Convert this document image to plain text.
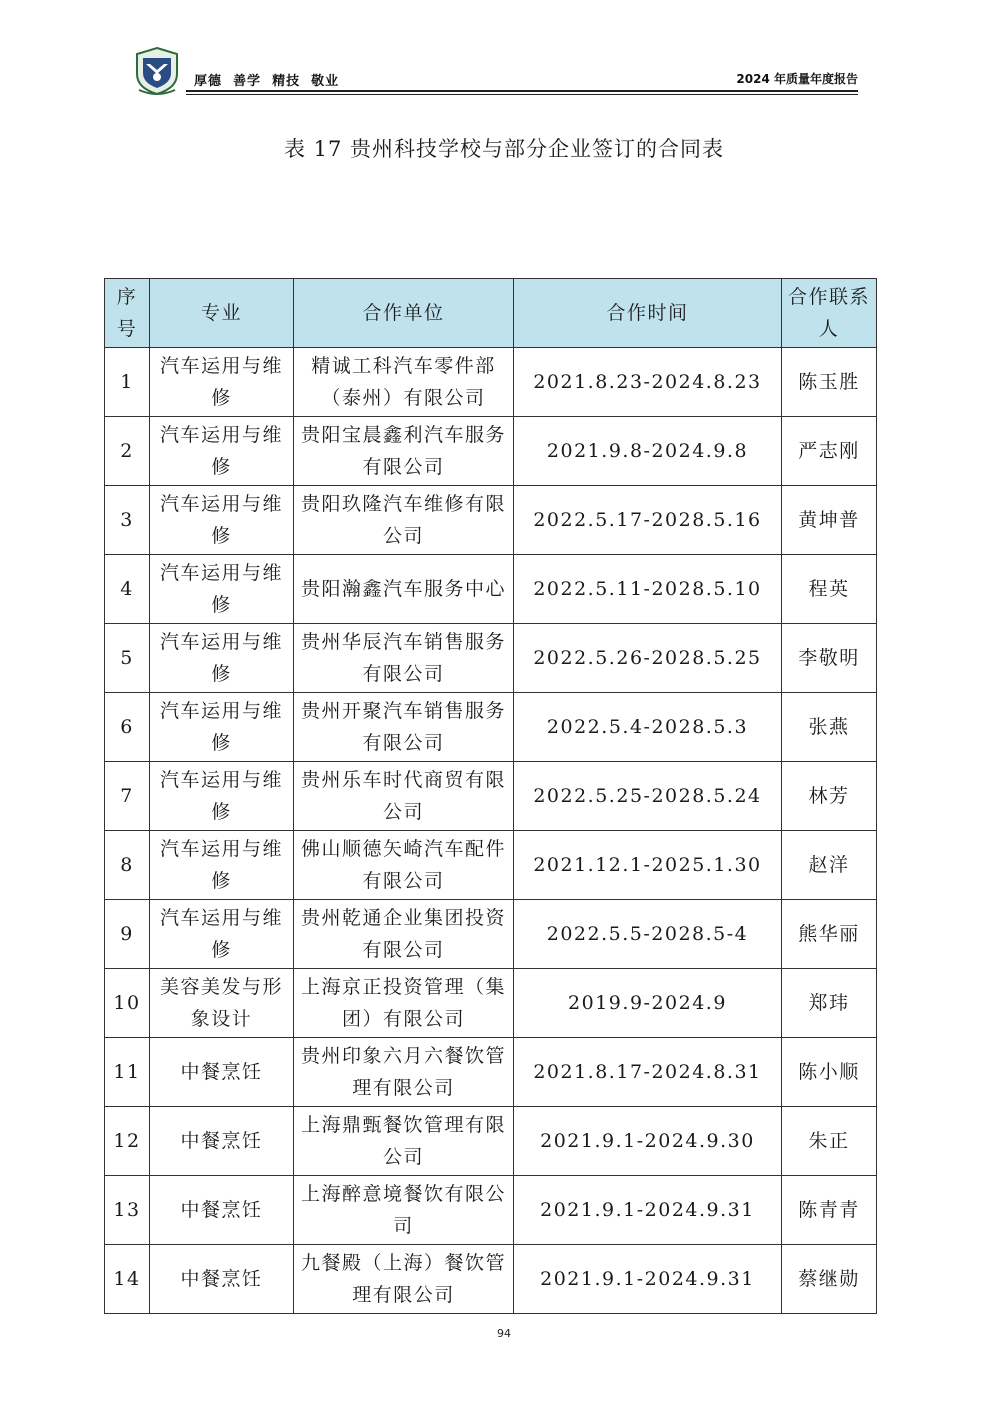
厚德  善学  精技  敬业	2024 年质量年度报告
表 17 贵州科技学校与部分企业签订的合同表
序号	专业	合作单位	合作时间	合作联系人
1	汽车运用与维修	精诚工科汽车零件部（泰州）有限公司	2021.8.23-2024.8.23	陈玉胜
2	汽车运用与维修	贵阳宝晨鑫利汽车服务有限公司	2021.9.8-2024.9.8	严志刚
3	汽车运用与维修	贵阳玖隆汽车维修有限公司	2022.5.17-2028.5.16	黄坤普
4	汽车运用与维修	贵阳瀚鑫汽车服务中心	2022.5.11-2028.5.10	程英
5	汽车运用与维修	贵州华辰汽车销售服务有限公司	2022.5.26-2028.5.25	李敬明
6	汽车运用与维修	贵州开聚汽车销售服务有限公司	2022.5.4-2028.5.3	张燕
7	汽车运用与维修	贵州乐车时代商贸有限公司	2022.5.25-2028.5.24	林芳
8	汽车运用与维修	佛山顺德矢崎汽车配件有限公司	2021.12.1-2025.1.30	赵洋
9	汽车运用与维修	贵州乾通企业集团投资有限公司	2022.5.5-2028.5-4	熊华丽
10	美容美发与形象设计	上海京正投资管理（集团）有限公司	2019.9-2024.9	郑玮
11	中餐烹饪	贵州印象六月六餐饮管理有限公司	2021.8.17-2024.8.31	陈小顺
12	中餐烹饪	上海鼎甄餐饮管理有限公司	2021.9.1-2024.9.30	朱正
13	中餐烹饪	上海醉意境餐饮有限公司	2021.9.1-2024.9.31	陈青青
14	中餐烹饪	九餐殿（上海）餐饮管理有限公司	2021.9.1-2024.9.31	蔡继勋
94
